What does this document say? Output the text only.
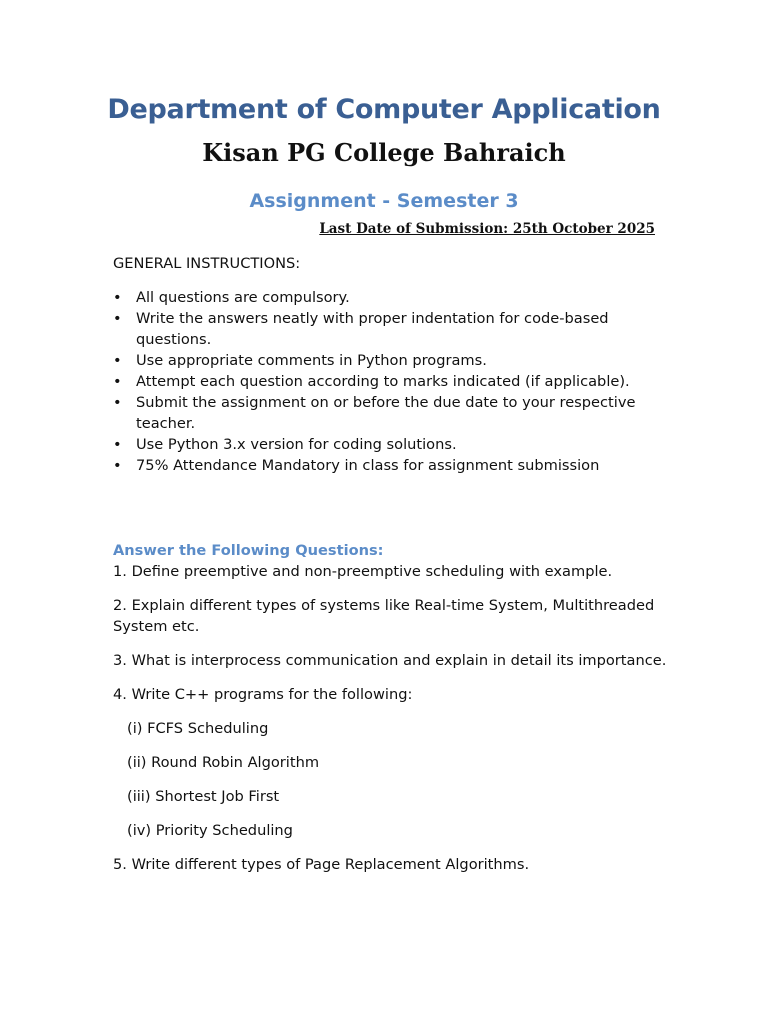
Department of Computer Application
Kisan PG College Bahraich
Assignment - Semester 3

Last Date of Submission: 25th October 2025

GENERAL INSTRUCTIONS:

• All questions are compulsory.
• Write the answers neatly with proper indentation for code-based questions.
• Use appropriate comments in Python programs.
• Attempt each question according to marks indicated (if applicable).
• Submit the assignment on or before the due date to your respective teacher.
• Use Python 3.x version for coding solutions.
• 75% Attendance Mandatory in class for assignment submission

Answer the Following Questions:

1. Define preemptive and non-preemptive scheduling with example.

2. Explain different types of systems like Real-time System, Multithreaded System etc.

3. What is interprocess communication and explain in detail its importance.

4. Write C++ programs for the following:

(i) FCFS Scheduling

(ii) Round Robin Algorithm

(iii) Shortest Job First

(iv) Priority Scheduling

5. Write different types of Page Replacement Algorithms.
